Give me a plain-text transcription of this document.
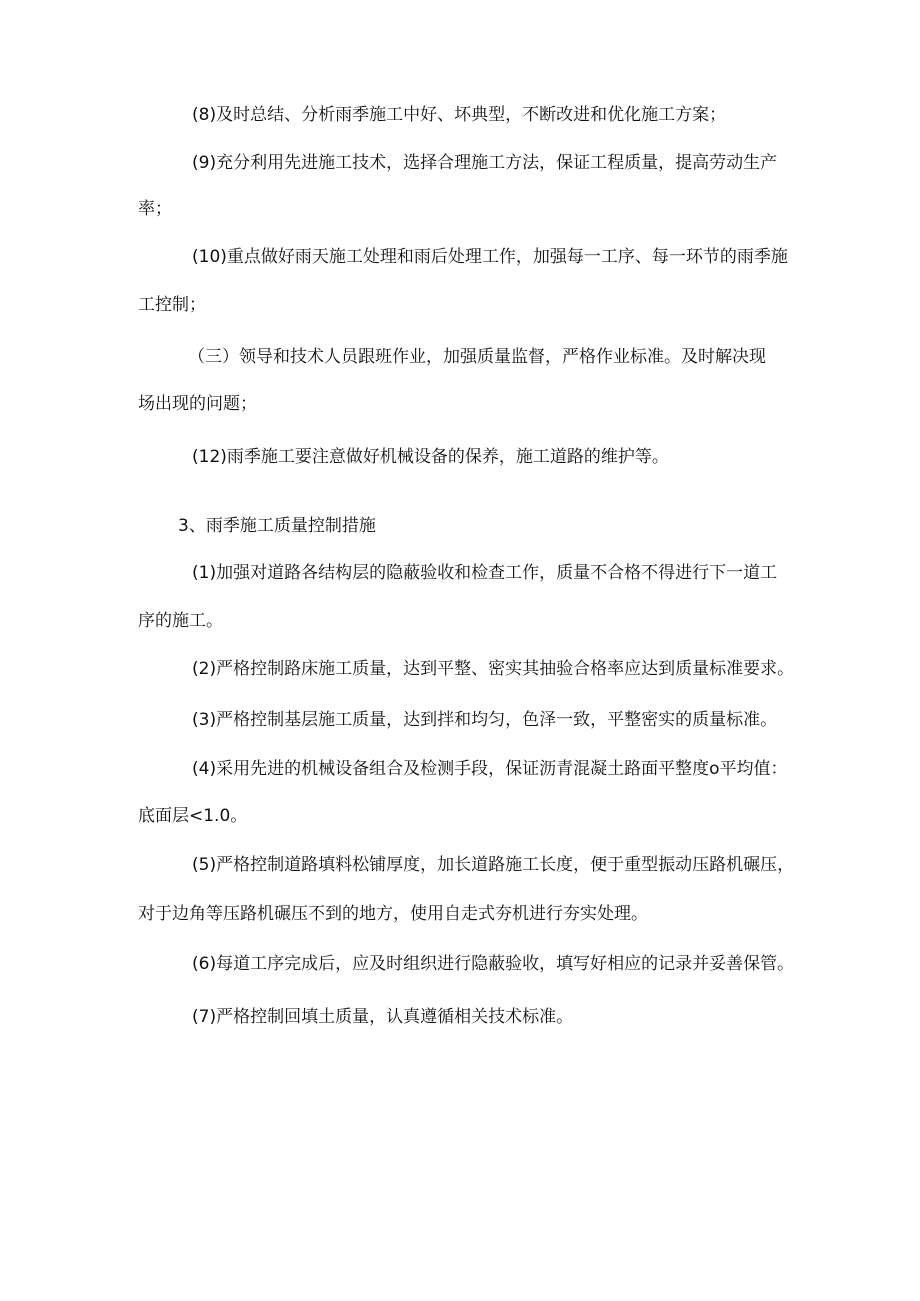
(8)及时总结、分析雨季施工中好、坏典型，不断改进和优化施工方案；
(9)充分利用先进施工技术，选择合理施工方法，保证工程质量，提高劳动生产
率；
(10)重点做好雨天施工处理和雨后处理工作，加强每一工序、每一环节的雨季施
工控制；
（三）领导和技术人员跟班作业，加强质量监督，严格作业标准。及时解决现
场出现的问题；
(12)雨季施工要注意做好机械设备的保养，施工道路的维护等。
3、雨季施工质量控制措施
(1)加强对道路各结构层的隐蔽验收和检查工作，质量不合格不得进行下一道工
序的施工。
(2)严格控制路床施工质量，达到平整、密实其抽验合格率应达到质量标准要求。
(3)严格控制基层施工质量，达到拌和均匀，色泽一致，平整密实的质量标准。
(4)采用先进的机械设备组合及检测手段，保证沥青混凝土路面平整度o平均值：
底面层<1.0。
(5)严格控制道路填料松铺厚度，加长道路施工长度，便于重型振动压路机碾压，
对于边角等压路机碾压不到的地方，使用自走式夯机进行夯实处理。
(6)每道工序完成后，应及时组织进行隐蔽验收，填写好相应的记录并妥善保管。
(7)严格控制回填土质量，认真遵循相关技术标准。
